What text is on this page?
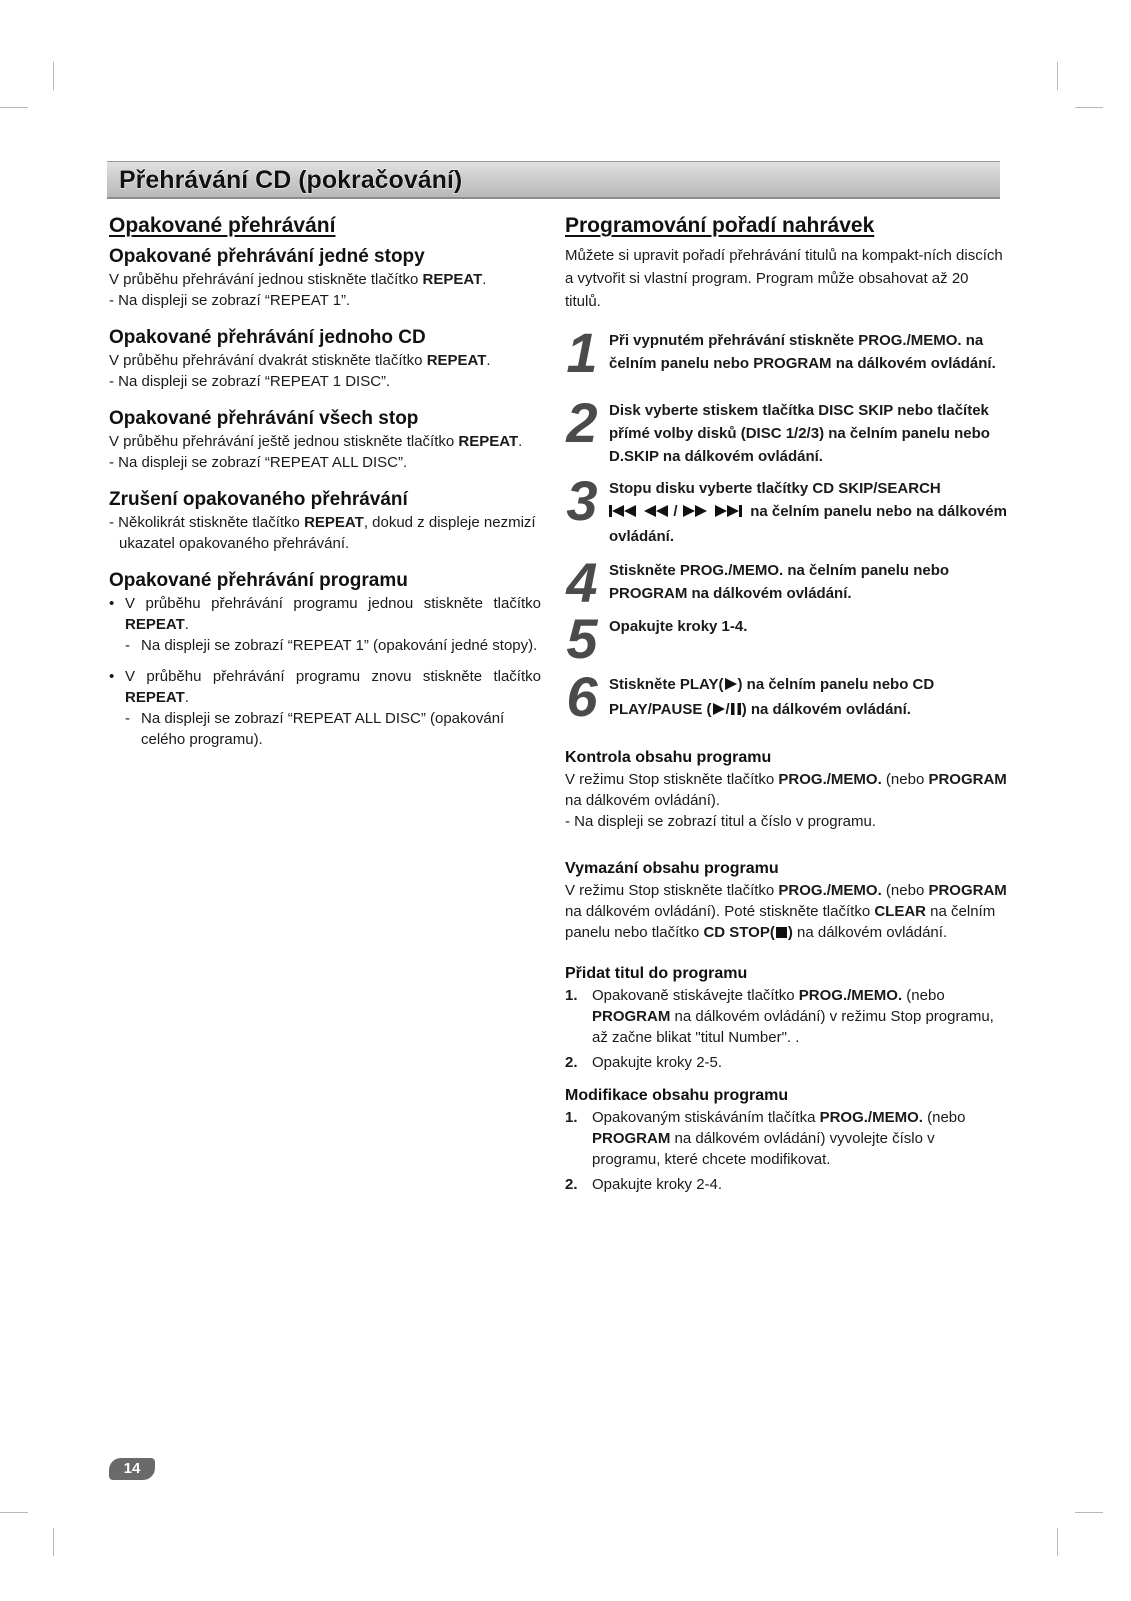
Přehrávání CD (pokračování)
Opakované přehrávání
Opakované přehrávání jedné stopy
V průběhu přehrávání jednou stiskněte tlačítko REPEAT.
- Na displeji se zobrazí “REPEAT 1”.
Opakované přehrávání jednoho CD
V průběhu přehrávání dvakrát stiskněte tlačítko REPEAT.
- Na displeji se zobrazí “REPEAT 1 DISC”.
Opakované přehrávání všech stop
V průběhu přehrávání ještě jednou stiskněte tlačítko REPEAT.
- Na displeji se zobrazí “REPEAT ALL DISC”.
Zrušení opakovaného přehrávání
- Několikrát stiskněte tlačítko REPEAT, dokud z displeje nezmizí ukazatel opakovaného přehrávání.
Opakované přehrávání programu
• V průběhu přehrávání programu jednou stiskněte tlačítko REPEAT.
- Na displeji se zobrazí “REPEAT 1” (opakování jedné stopy).
• V průběhu přehrávání programu znovu stiskněte tlačítko REPEAT.
- Na displeji se zobrazí “REPEAT ALL DISC” (opakování celého programu).
Programování pořadí nahrávek
Můžete si upravit pořadí přehrávání titulů na kompakt-ních discích a vytvořit si vlastní program. Program může obsahovat až 20 titulů.
1 Při vypnutém přehrávání stiskněte PROG./MEMO. na čelním panelu nebo PROGRAM na dálkovém ovládání.
2 Disk vyberte stiskem tlačítka DISC SKIP nebo tlačítek přímé volby disků (DISC 1/2/3) na čelním panelu nebo D.SKIP na dálkovém ovládání.
3 Stopu disku vyberte tlačítky CD SKIP/SEARCH
/	na čelním panelu nebo na dálkovém ovládání.
4 Stiskněte PROG./MEMO. na čelním panelu nebo PROGRAM na dálkovém ovládání.
5 Opakujte kroky 1-4.
6 Stiskněte PLAY( ) na čelním panelu nebo CD PLAY/PAUSE ( / ) na dálkovém ovládání.
Kontrola obsahu programu
V režimu Stop stiskněte tlačítko PROG./MEMO. (nebo PROGRAM na dálkovém ovládání).
- Na displeji se zobrazí titul a číslo v programu.
Vymazání obsahu programu
V režimu Stop stiskněte tlačítko PROG./MEMO. (nebo PROGRAM na dálkovém ovládání). Poté stiskněte tlačítko CLEAR na čelním panelu nebo tlačítko CD STOP( ) na dálkovém ovládání.
Přidat titul do programu
1. Opakovaně stiskávejte tlačítko PROG./MEMO. (nebo PROGRAM na dálkovém ovládání) v režimu Stop programu, až začne blikat "titul Number". .
2. Opakujte kroky 2-5.
Modifikace obsahu programu
1. Opakovaným stiskáváním tlačítka PROG./MEMO. (nebo PROGRAM na dálkovém ovládání) vyvolejte číslo v programu, které chcete modifikovat.
2. Opakujte kroky 2-4.
14
